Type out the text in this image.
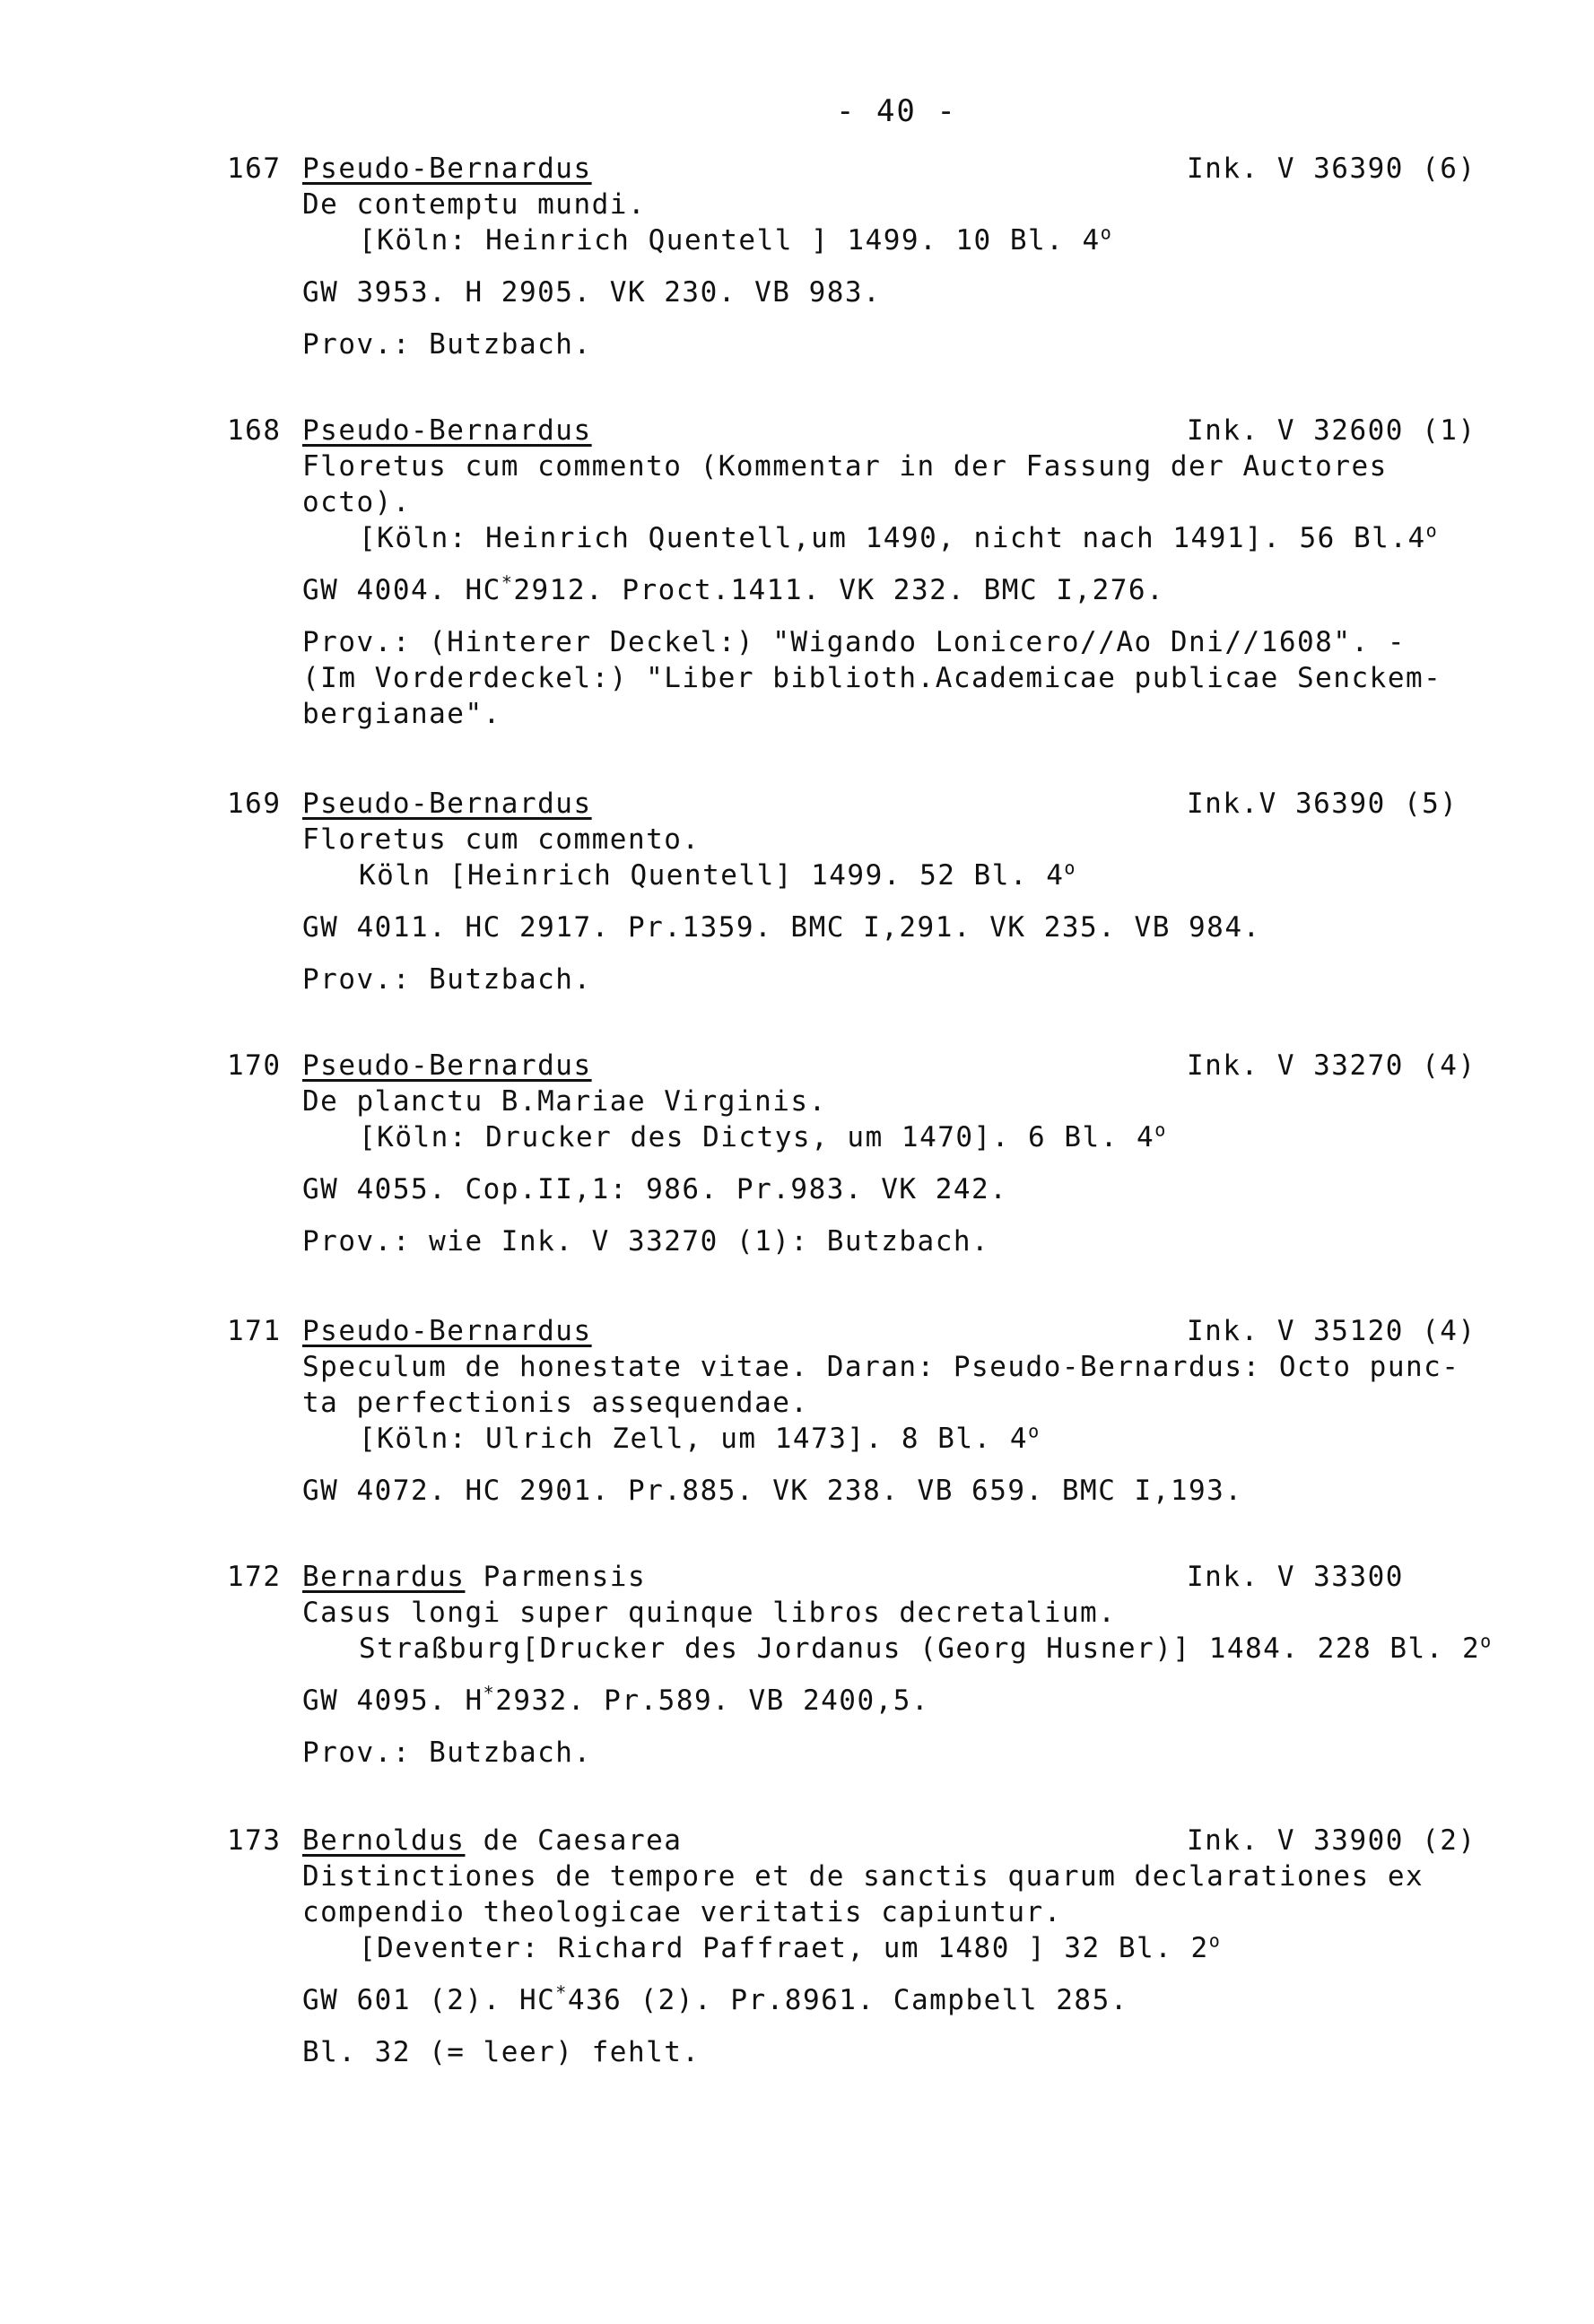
- 40 -
167 Pseudo-Bernardus	Ink. V 36390 (6)
De contemptu mundi.
[Köln: Heinrich Quentell ] 1499. 10 Bl. 4$^o$
GW 3953. H 2905. VK 230. VB 983.
Prov.: Butzbach.
168 Pseudo-Bernardus	Ink. V 32600 (1)
Floretus cum commento (Kommentar in der Fassung der Auctores
octo).
[Köln: Heinrich Quentell,um 1490, nicht nach 1491]. 56 Bl.4$^o$
GW 4004. HC*2912. Proct.1411. VK 232. BMC I,276.
Prov.: (Hinterer Deckel:) "Wigando Lonicero//Ao Dni//1608". -
(Im Vorderdeckel:) "Liber biblioth.Academicae publicae Senckem-
bergianae".
169 Pseudo-Bernardus	Ink.V 36390 (5)
Floretus cum commento.
Köln [Heinrich Quentell] 1499. 52 Bl. 4$^o$
GW 4011. HC 2917. Pr.1359. BMC I,291. VK 235. VB 984.
Prov.: Butzbach.
170 Pseudo-Bernardus	Ink. V 33270 (4)
De planctu B.Mariae Virginis.
[Köln: Drucker des Dictys, um 1470]. 6 Bl. 4$^o$
GW 4055. Cop.II,1: 986. Pr.983. VK 242.
Prov.: wie Ink. V 33270 (1): Butzbach.
171 Pseudo-Bernardus	Ink. V 35120 (4)
Speculum de honestate vitae. Daran: Pseudo-Bernardus: Octo punc-
ta perfectionis assequendae.
[Köln: Ulrich Zell, um 1473]. 8 Bl. 4$^o$
GW 4072. HC 2901. Pr.885. VK 238. VB 659. BMC I,193.
172 Bernardus Parmensis	Ink. V 33300
Casus longi super quinque libros decretalium.
Straßburg[Drucker des Jordanus (Georg Husner)] 1484. 228 Bl. 2$^o$
GW 4095. H*2932. Pr.589. VB 2400,5.
Prov.: Butzbach.
173 Bernoldus de Caesarea	Ink. V 33900 (2)
Distinctiones de tempore et de sanctis quarum declarationes ex
compendio theologicae veritatis capiuntur.
[Deventer: Richard Paffraet, um 1480 ] 32 Bl. 2$^o$
GW 601 (2). HC*436 (2). Pr.8961. Campbell 285.
Bl. 32 (= leer) fehlt.
